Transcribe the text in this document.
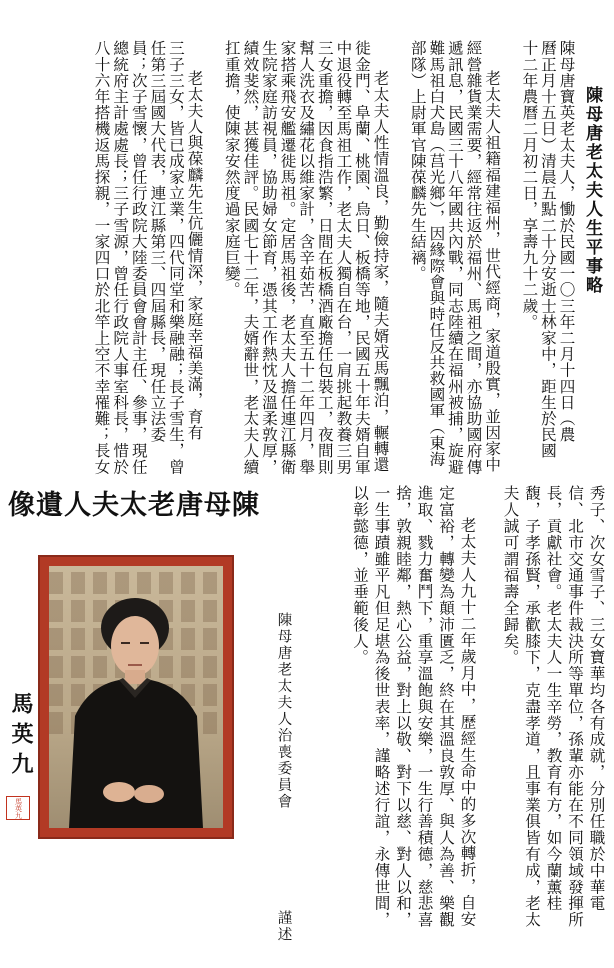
陳母唐老太夫人生平事略
陳母唐寶英老太夫人，慟於民國一〇三年二月十四日（農
曆正月十五日）清晨五點二十分安逝士林家中，距生於民國
十二年農曆二月初二日，享壽九十二歲。
老太夫人祖籍福建福州，世代經商，家道殷實，並因家中
經營雜貨業需要，經常往返於福州、馬祖之間，亦協助國府傳
遞訊息，民國三十八年國共內戰，同志陸續在福州被捕，旋避
難馬祖白犬島（莒光鄉），因緣際會與時任反共救國軍（東海
部隊）上尉軍官陳葆麟先生結褵。
老太夫人性情溫良，勤儉持家，隨夫婿戎馬飄泊，輾轉還
徙金門、阜蘭、桃園、烏日、板橋等地，民國五十年夫婿自軍
中退役轉至馬祖工作，老太夫人獨自在台，一肩挑起教養三男
三女重擔，因食指浩繁，日間在板橋酒廠擔任包裝工，夜間則
幫人洗衣及繡花以維家計，含辛茹苦，直至五十二年四月，舉
家搭乘飛安艦遷徙馬祖。定居馬祖後，老太夫人擔任連江縣衛
生院家庭訪視員，協助婦女節育，憑其工作熱忱及溫柔敦厚，
績效斐然，甚獲佳評。民國七十二年，夫婿辭世，老太夫人續
扛重擔，使陳家安然度過家庭巨變。
老太夫人與葆麟先生伉儷情深，家庭幸福美滿，育有
三子三女，皆已成家立業，四代同堂和樂融融；長子雪生，曾
任第三屆國大代表，連江縣第三、四屆縣長，現任立法委
員；次子雪懷，曾任行政院大陸委員會會計主任、參事，現任
總統府主計處處長；三子雪源，曾任行政院人事室科長，惜於
八十六年搭機返馬探親，一家四口於北竿上空不幸罹難；長女
像遺人夫太老唐母陳
馬英九
馬英九	秀子、次女雪子、三女寶華均各有成就，分別任職於中華電
信、北市交通事件裁決所等單位，孫輩亦能在不同領域發揮所
長，貢獻社會。老太夫人一生辛勞，教育有方，如今蘭薰桂
馥，子孝孫賢，承歡膝下，克盡孝道，且事業俱皆有成，老太
夫人誠可謂福壽全歸矣。
老太夫人九十二年歲月中，歷經生命中的多次轉折，自安
定富裕，轉變為顛沛匱乏，終在其溫良敦厚、與人為善、樂觀
進取、戮力奮鬥下，重享溫飽與安樂，一生行善積德，慈悲喜
捨，敦親睦鄰，熱心公益，對上以敬、對下以慈、對人以和，
一生事蹟雖平凡但足堪為後世表率，謹略述行誼，永傳世間，
以彰懿德，並垂範後人。
陳母唐老太夫人治喪委員會
謹述
